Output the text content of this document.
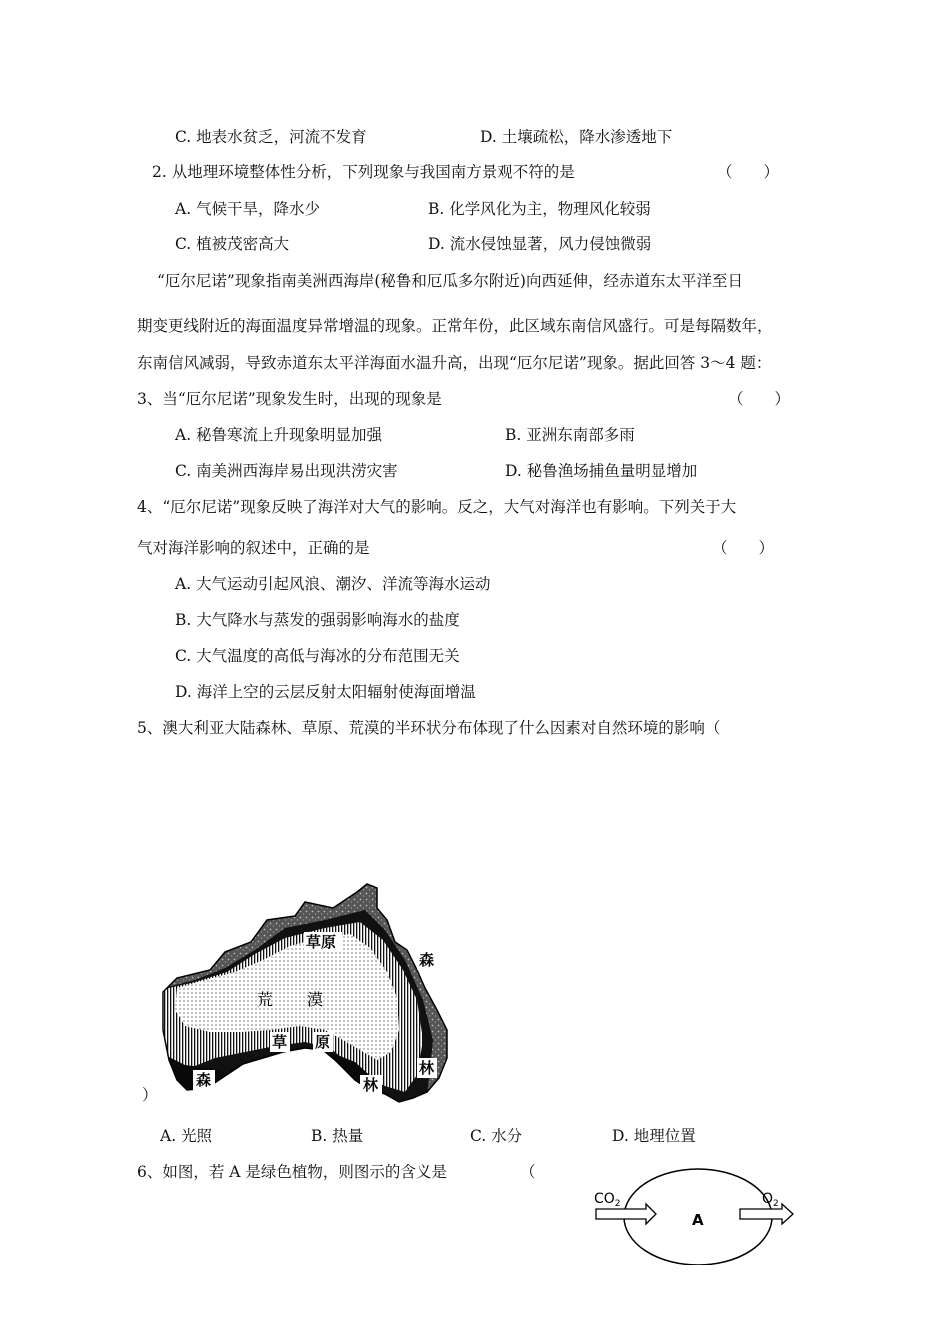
C. 地表水贫乏，河流不发育	D. 土壤疏松，降水渗透地下
2. 从地理环境整体性分析，下列现象与我国南方景观不符的是	（　　）
A. 气候干旱，降水少	B. 化学风化为主，物理风化较弱
C. 植被茂密高大	D. 流水侵蚀显著，风力侵蚀微弱
“厄尔尼诺”现象指南美洲西海岸(秘鲁和厄瓜多尔附近)向西延伸，经赤道东太平洋至日
期变更线附近的海面温度异常增温的现象。正常年份，此区域东南信风盛行。可是每隔数年，
东南信风减弱，导致赤道东太平洋海面水温升高，出现“厄尔尼诺”现象。据此回答 3～4 题：
3、当“厄尔尼诺”现象发生时，出现的现象是	（　　）
A. 秘鲁寒流上升现象明显加强	B. 亚洲东南部多雨
C. 南美洲西海岸易出现洪涝灾害	D. 秘鲁渔场捕鱼量明显增加
4、“厄尔尼诺”现象反映了海洋对大气的影响。反之，大气对海洋也有影响。下列关于大
气对海洋影响的叙述中，正确的是	（　　）
A. 大气运动引起风浪、潮汐、洋流等海水运动
B. 大气降水与蒸发的强弱影响海水的盐度
C. 大气温度的高低与海冰的分布范围无关
D. 海洋上空的云层反射太阳辐射使海面增温
5、澳大利亚大陆森林、草原、荒漠的半环状分布体现了什么因素对自然环境的影响（
草原
森
荒 漠
草 原
森	林
林
）
A. 光照	B. 热量	C. 水分	D. 地理位置
6、如图，若 A 是绿色植物，则图示的含义是	（
$CO_2$
A
$O_2$
